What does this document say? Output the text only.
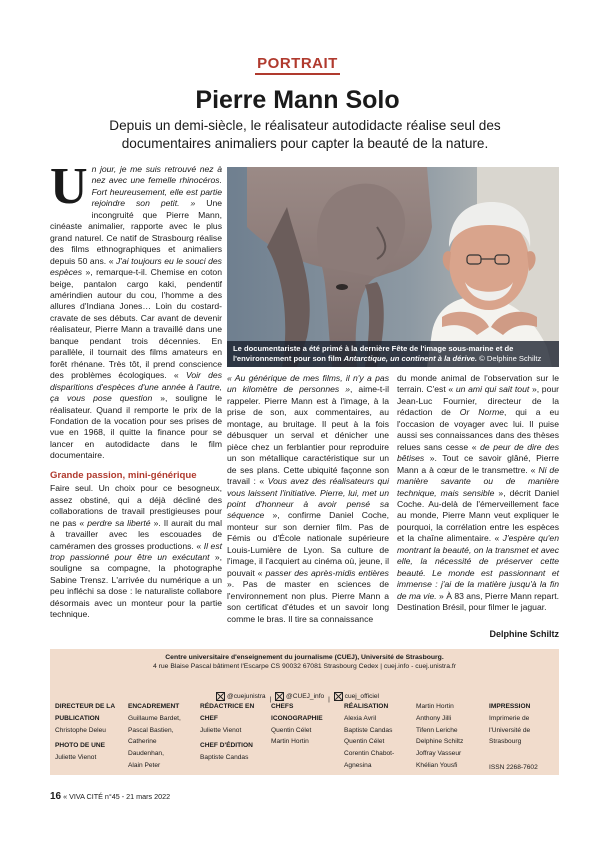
PORTRAIT
Pierre Mann Solo
Depuis un demi-siècle, le réalisateur autodidacte réalise seul des documentaires animaliers pour capter la beauté de la nature.

Un jour, je me suis retrouvé nez à nez avec une femelle rhinocéros. Fort heureusement, elle est partie rejoindre son petit. » Une incongruité que Pierre Mann, cinéaste animalier, rapporte avec le plus grand naturel. Ce natif de Strasbourg réalise des films ethnographiques et animaliers depuis 50 ans. « J'ai toujours eu le souci des espèces », remarque-t-il. Chemise en coton beige, pantalon cargo kaki, pendentif amérindien autour du cou, l'homme a des allures d'Indiana Jones… Loin du costard-cravate de ses débuts. Car avant de devenir réalisateur, Pierre Mann a travaillé dans une banque pendant trois décennies. En parallèle, il tournait des films amateurs en forêt rhénane. Très tôt, il prend conscience des problèmes écologiques. « Voir des disparitions d'espèces d'une année à l'autre, ça vous pose question », souligne le réalisateur. Quand il remporte le prix de la Fondation de la vocation pour ses prises de vue en 1968, il quitte la finance pour se lancer en autodidacte dans le film documentaire.

Grande passion, mini-générique

Faire seul. Un choix pour ce besogneux, assez obstiné, qui a déjà décliné des collaborations de travail prestigieuses pour ne pas « perdre sa liberté ». Il aurait du mal à travailler avec les escouades de caméramen des grosses productions. « Il est trop passionné pour être un exécutant », souligne sa compagne, la photographe Sabine Trensz. L'arrivée du numérique a un peu infléchi sa dose : le naturaliste collabore désormais avec un monteur pour la partie technique.

Le documentariste a été primé à la dernière Fête de l'image sous-marine et de l'environnement pour son film Antarctique, un continent à la dérive. © Delphine Schiltz

« Au générique de mes films, il n'y a pas un kilomètre de personnes », aime-t-il rappeler. Pierre Mann est à l'image, à la prise de son, aux commentaires, au montage, au bruitage. Il peut à la fois débusquer un serval et dénicher une pièce chez un ferblantier pour reproduire un son métallique caractéristique sur un de ses plans. Cette ubiquité façonne son travail : « Vous avez des réalisateurs qui vous laissent l'initiative. Pierre, lui, met un point d'honneur à avoir pensé sa séquence », confirme Daniel Coche, monteur sur son dernier film. Pas de Fémis ou d'École nationale supérieure Louis-Lumière de Lyon. Sa culture de l'image, il l'acquiert au cinéma où, jeune, il pouvait « passer des après-midis entières ». Pas de master en sciences de l'environnement non plus. Pierre Mann a son certificat d'études et un savoir long comme le bras. Il tire sa connaissance

du monde animal de l'observation sur le terrain. C'est « un ami qui sait tout », pour Jean-Luc Fournier, directeur de la rédaction de Or Norme, qui a eu l'occasion de voyager avec lui. Il puise aussi ses connaissances dans des thèses relues sans cesse « de peur de dire des bêtises ». Tout ce savoir glâné, Pierre Mann a à cœur de le transmettre. « Ni de manière savante ou de manière technique, mais sensible », décrit Daniel Coche. Au-delà de l'émerveillement face au monde, Pierre Mann veut expliquer le pourquoi, la corrélation entre les espèces et la chaîne alimentaire. « J'espère qu'en montrant la beauté, on la transmet et avec elle, la nécessité de préserver cette beauté. Le monde est passionnant et immense : j'ai de la matière jusqu'à la fin de ma vie. » À 83 ans, Pierre Mann repart. Destination Brésil, pour filmer le jaguar.

Delphine Schiltz
Centre universitaire d'enseignement du journalisme (CUEJ), Université de Strasbourg.
4 rue Blaise Pascal bâtiment l'Escarpe CS 90032 67081 Strasbourg Cedex | cuej.info - cuej.unistra.fr
@cuejunistra | @CUEJ_info | cuej_officiel
DIRECTEUR DE LA PUBLICATION
Christophe Deleu
PHOTO DE UNE
Juliette Vienot
ENCADREMENT
Guillaume Bardet,
Pascal Bastien,
Catherine
Daudenhan,
Alain Peter
RÉDACTRICE EN CHEF
Juliette Vienot
CHEF D'ÉDITION
Baptiste Candas
CHEFS ICONOGRAPHIE
Quentin Célet
Martin Hortin
RÉALISATION
Alexia Avril
Baptiste Candas
Quentin Célet
Corentin Chabot-
Agnesina
Martin Hortin
Anthony Jilli
Tifenn Leriche
Delphine Schiltz
Joffray Vasseur
Khélian Yousfi
IMPRESSION
Imprimerie de
l'Université de
Strasbourg
ISSN 2268-7602
16 « VIVA CITÉ n°45 - 21 mars 2022
